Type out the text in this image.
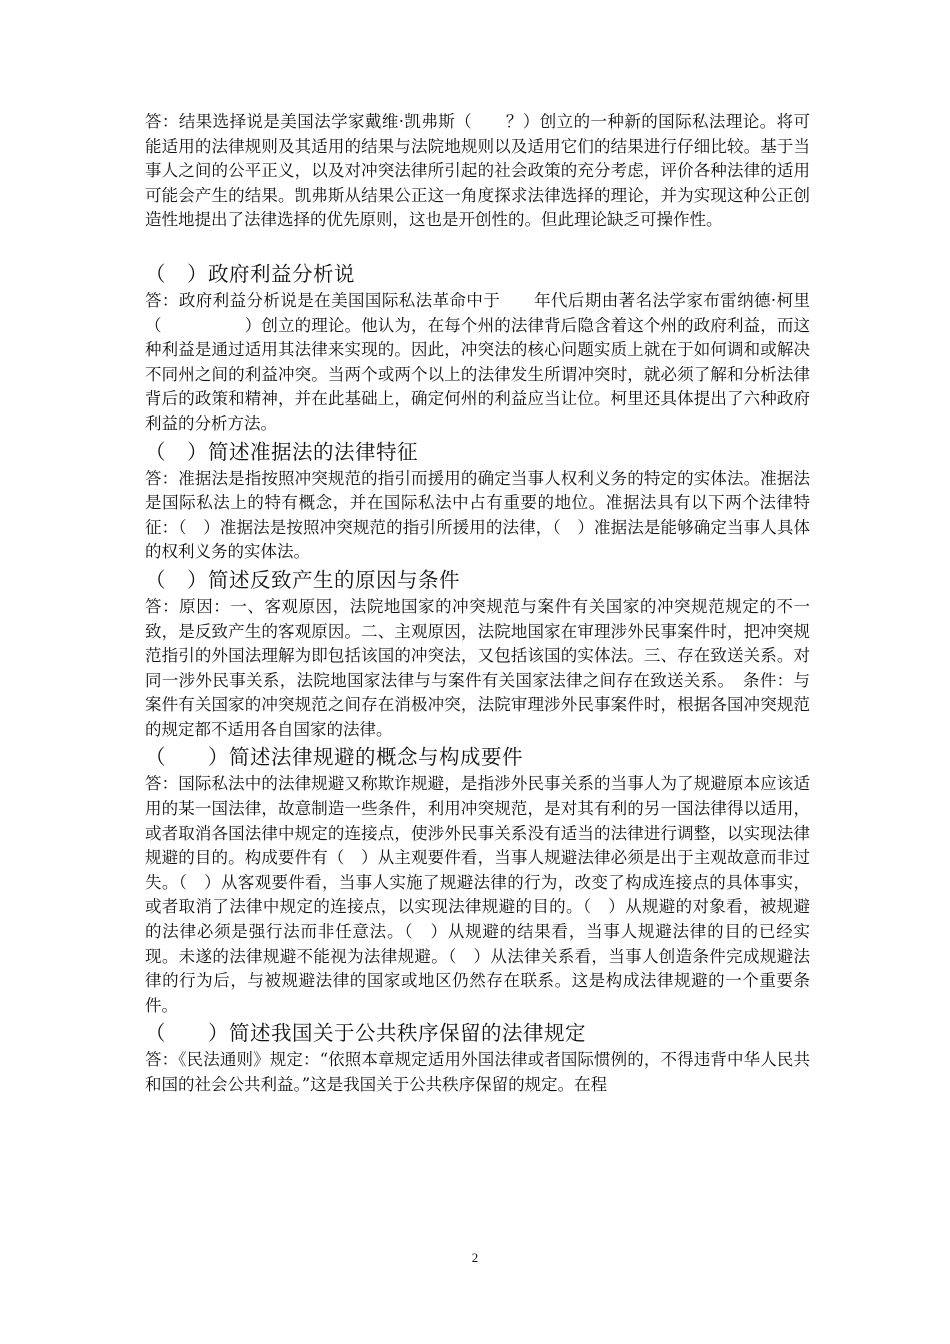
答：结果选择说是美国法学家戴维·凯弗斯（　　？）创立的一种新的国际私法理论。将可能适用的法律规则及其适用的结果与法院地规则以及适用它们的结果进行仔细比较。基于当事人之间的公平正义，以及对冲突法律所引起的社会政策的充分考虑，评价各种法律的适用可能会产生的结果。凯弗斯从结果公正这一角度探求法律选择的理论，并为实现这种公正创造性地提出了法律选择的优先原则，这也是开创性的。但此理论缺乏可操作性。

（　）政府利益分析说

答：政府利益分析说是在美国国际私法革命中于　　年代后期由著名法学家布雷纳德·柯里（　　　　　）创立的理论。他认为，在每个州的法律背后隐含着这个州的政府利益，而这种利益是通过适用其法律来实现的。因此，冲突法的核心问题实质上就在于如何调和或解决不同州之间的利益冲突。当两个或两个以上的法律发生所谓冲突时，就必须了解和分析法律背后的政策和精神，并在此基础上，确定何州的利益应当让位。柯里还具体提出了六种政府利益的分析方法。

（　）简述准据法的法律特征

答：准据法是指按照冲突规范的指引而援用的确定当事人权利义务的特定的实体法。准据法是国际私法上的特有概念，并在国际私法中占有重要的地位。准据法具有以下两个法律特征：（　）准据法是按照冲突规范的指引所援用的法律，（　）准据法是能够确定当事人具体的权利义务的实体法。

（　）简述反致产生的原因与条件

答：原因：一、客观原因，法院地国家的冲突规范与案件有关国家的冲突规范规定的不一致，是反致产生的客观原因。二、主观原因，法院地国家在审理涉外民事案件时，把冲突规范指引的外国法理解为即包括该国的冲突法，又包括该国的实体法。三、存在致送关系。对同一涉外民事关系，法院地国家法律与与案件有关国家法律之间存在致送关系。　条件：与案件有关国家的冲突规范之间存在消极冲突，法院审理涉外民事案件时，根据各国冲突规范的规定都不适用各自国家的法律。

（　　）简述法律规避的概念与构成要件

答：国际私法中的法律规避又称欺诈规避，是指涉外民事关系的当事人为了规避原本应该适用的某一国法律，故意制造一些条件，利用冲突规范，是对其有利的另一国法律得以适用，或者取消各国法律中规定的连接点，使涉外民事关系没有适当的法律进行调整，以实现法律规避的目的。构成要件有（　）从主观要件看，当事人规避法律必须是出于主观故意而非过失。（　）从客观要件看，当事人实施了规避法律的行为，改变了构成连接点的具体事实，或者取消了法律中规定的连接点，以实现法律规避的目的。（　）从规避的对象看，被规避的法律必须是强行法而非任意法。（　）从规避的结果看，当事人规避法律的目的已经实现。未遂的法律规避不能视为法律规避。（　）从法律关系看，当事人创造条件完成规避法律的行为后，与被规避法律的国家或地区仍然存在联系。这是构成法律规避的一个重要条件。

（　　）简述我国关于公共秩序保留的法律规定

答：《民法通则》规定：“依照本章规定适用外国法律或者国际惯例的，不得违背中华人民共和国的社会公共利益。”这是我国关于公共秩序保留的规定。在程

2
